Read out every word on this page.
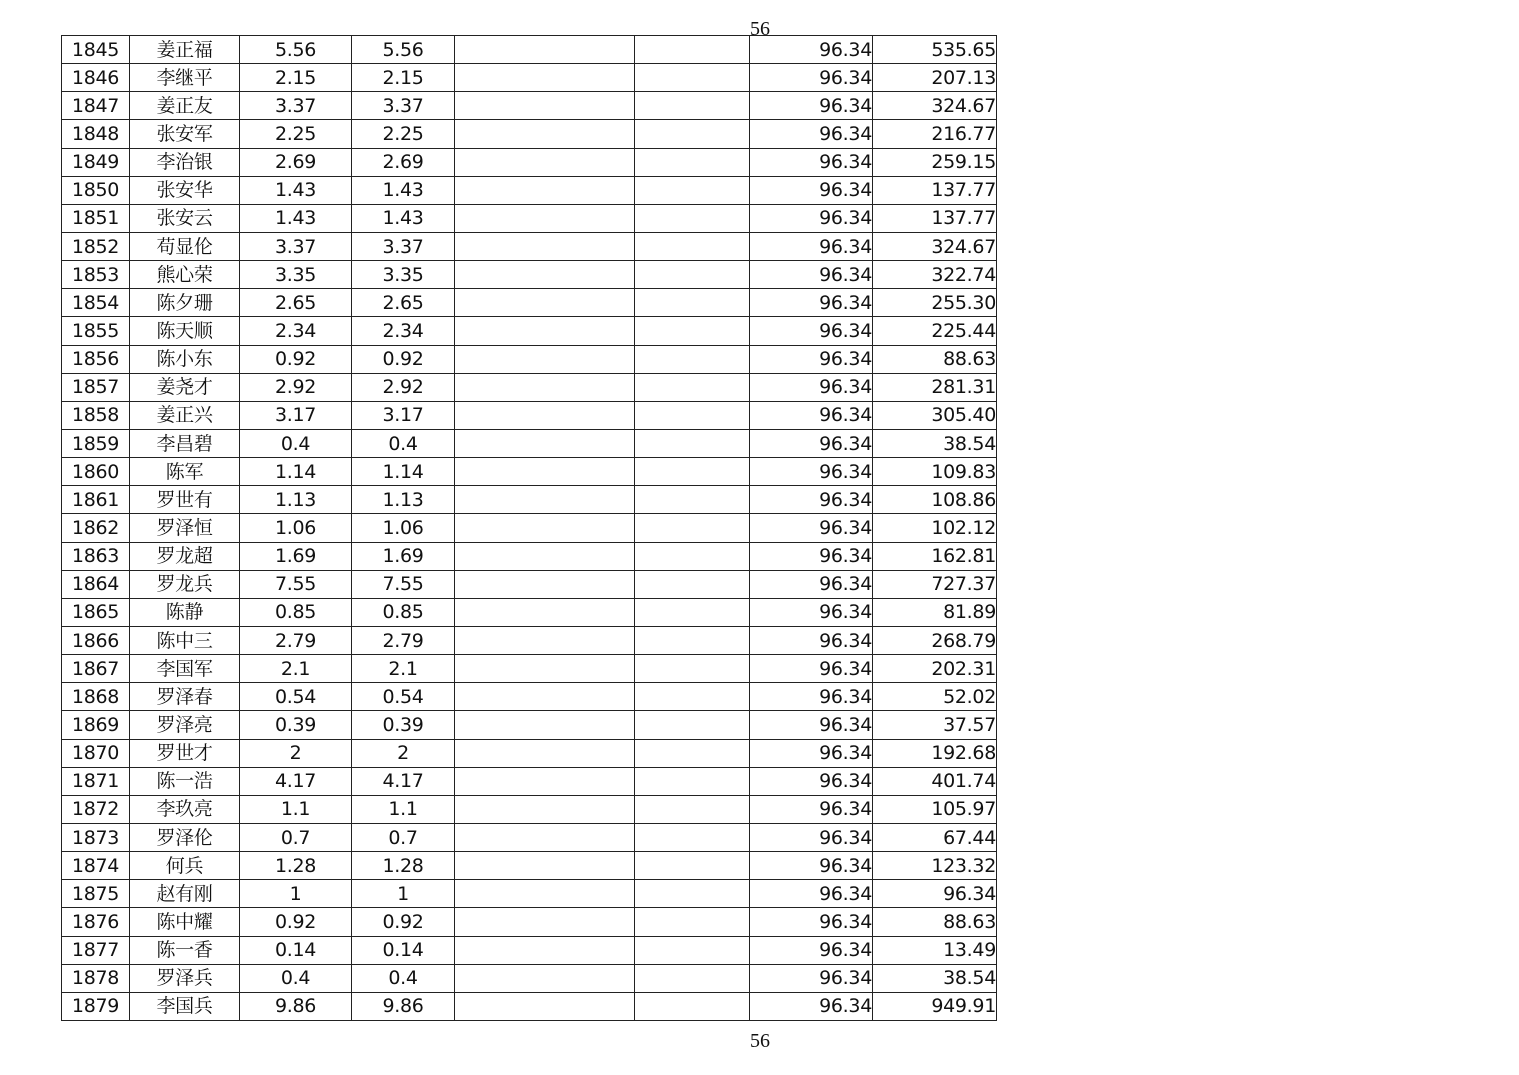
56
1845	姜正福	5.56	5.56			96.34	535.65
1846	李继平	2.15	2.15			96.34	207.13
1847	姜正友	3.37	3.37			96.34	324.67
1848	张安军	2.25	2.25			96.34	216.77
1849	李治银	2.69	2.69			96.34	259.15
1850	张安华	1.43	1.43			96.34	137.77
1851	张安云	1.43	1.43			96.34	137.77
1852	苟显伦	3.37	3.37			96.34	324.67
1853	熊心荣	3.35	3.35			96.34	322.74
1854	陈夕珊	2.65	2.65			96.34	255.30
1855	陈天顺	2.34	2.34			96.34	225.44
1856	陈小东	0.92	0.92			96.34	88.63
1857	姜尧才	2.92	2.92			96.34	281.31
1858	姜正兴	3.17	3.17			96.34	305.40
1859	李昌碧	0.4	0.4			96.34	38.54
1860	陈军	1.14	1.14			96.34	109.83
1861	罗世有	1.13	1.13			96.34	108.86
1862	罗泽恒	1.06	1.06			96.34	102.12
1863	罗龙超	1.69	1.69			96.34	162.81
1864	罗龙兵	7.55	7.55			96.34	727.37
1865	陈静	0.85	0.85			96.34	81.89
1866	陈中三	2.79	2.79			96.34	268.79
1867	李国军	2.1	2.1			96.34	202.31
1868	罗泽春	0.54	0.54			96.34	52.02
1869	罗泽亮	0.39	0.39			96.34	37.57
1870	罗世才	2	2			96.34	192.68
1871	陈一浩	4.17	4.17			96.34	401.74
1872	李玖亮	1.1	1.1			96.34	105.97
1873	罗泽伦	0.7	0.7			96.34	67.44
1874	何兵	1.28	1.28			96.34	123.32
1875	赵有刚	1	1			96.34	96.34
1876	陈中耀	0.92	0.92			96.34	88.63
1877	陈一香	0.14	0.14			96.34	13.49
1878	罗泽兵	0.4	0.4			96.34	38.54
1879	李国兵	9.86	9.86			96.34	949.91
56
